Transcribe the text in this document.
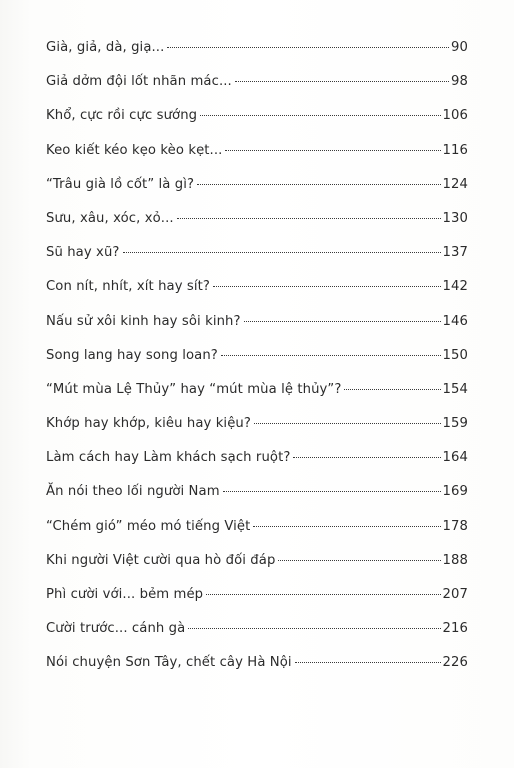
Già, giả, dà, giạ...	90
Giả dởm đội lốt nhãn mác...	98
Khổ, cực rồi cực sướng	106
Keo kiết kéo kẹo kèo kẹt...	116
“Trâu già lồ cốt” là gì?	124
Sưu, xâu, xóc, xỏ...	130
Sũ hay xũ?	137
Con nít, nhít, xít hay sít?	142
Nấu sử xôi kinh hay sôi kinh?	146
Song lang hay song loan?	150
“Mút mùa Lệ Thủy” hay “mút mùa lệ thủy”?	154
Khớp hay khớp, kiêu hay kiệu?	159
Làm cách hay Làm khách sạch ruột?	164
Ăn nói theo lối người Nam	169
“Chém gió” méo mó tiếng Việt	178
Khi người Việt cười qua hò đối đáp	188
Phì cười với... bẻm mép	207
Cười trước... cánh gà	216
Nói chuyện Sơn Tây, chết cây Hà Nội	226
